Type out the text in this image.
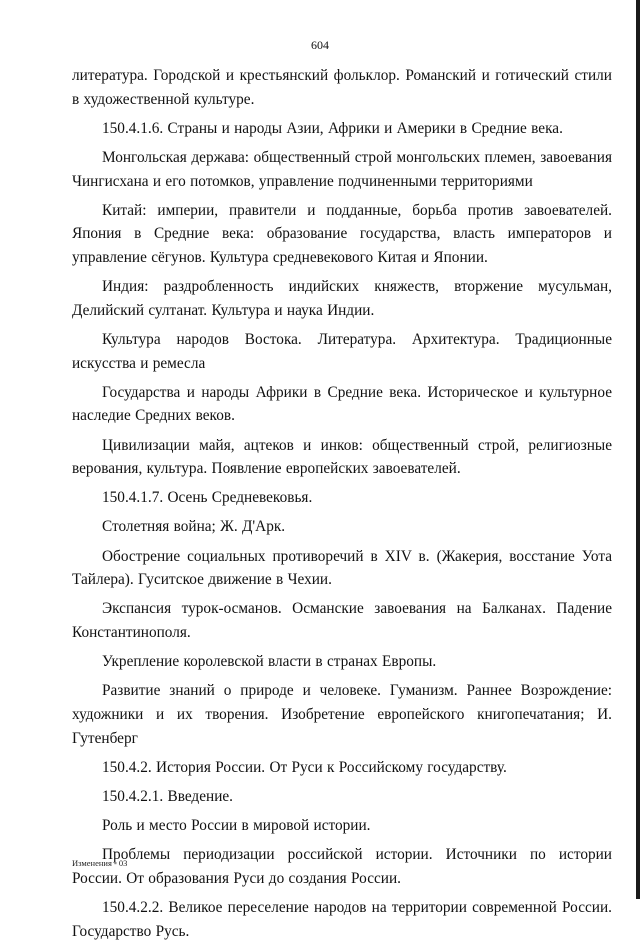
604

литература. Городской и крестьянский фольклор. Романский и готический стили в художественной культуре.

150.4.1.6. Страны и народы Азии, Африки и Америки в Средние века.

Монгольская держава: общественный строй монгольских племен, завоевания Чингисхана и его потомков, управление подчиненными территориями

Китай: империи, правители и подданные, борьба против завоевателей. Япония в Средние века: образование государства, власть императоров и управление сёгунов. Культура средневекового Китая и Японии.

Индия: раздробленность индийских княжеств, вторжение мусульман, Делийский султанат. Культура и наука Индии.

Культура народов Востока. Литература. Архитектура. Традиционные искусства и ремесла

Государства и народы Африки в Средние века. Историческое и культурное наследие Средних веков.

Цивилизации майя, ацтеков и инков: общественный строй, религиозные верования, культура. Появление европейских завоевателей.

150.4.1.7. Осень Средневековья.

Столетняя война; Ж. Д'Арк.

Обострение социальных противоречий в XIV в. (Жакерия, восстание Уота Тайлера). Гуситское движение в Чехии.

Экспансия турок-османов. Османские завоевания на Балканах. Падение Константинополя.

Укрепление королевской власти в странах Европы.

Развитие знаний о природе и человеке. Гуманизм. Раннее Возрождение: художники и их творения. Изобретение европейского книгопечатания; И. Гутенберг

150.4.2. История России. От Руси к Российскому государству.

150.4.2.1. Введение.

Роль и место России в мировой истории.

Проблемы периодизации российской истории. Источники по истории России. От образования Руси до создания России.

150.4.2.2. Великое переселение народов на территории современной России. Государство Русь.

Изменения - 03
